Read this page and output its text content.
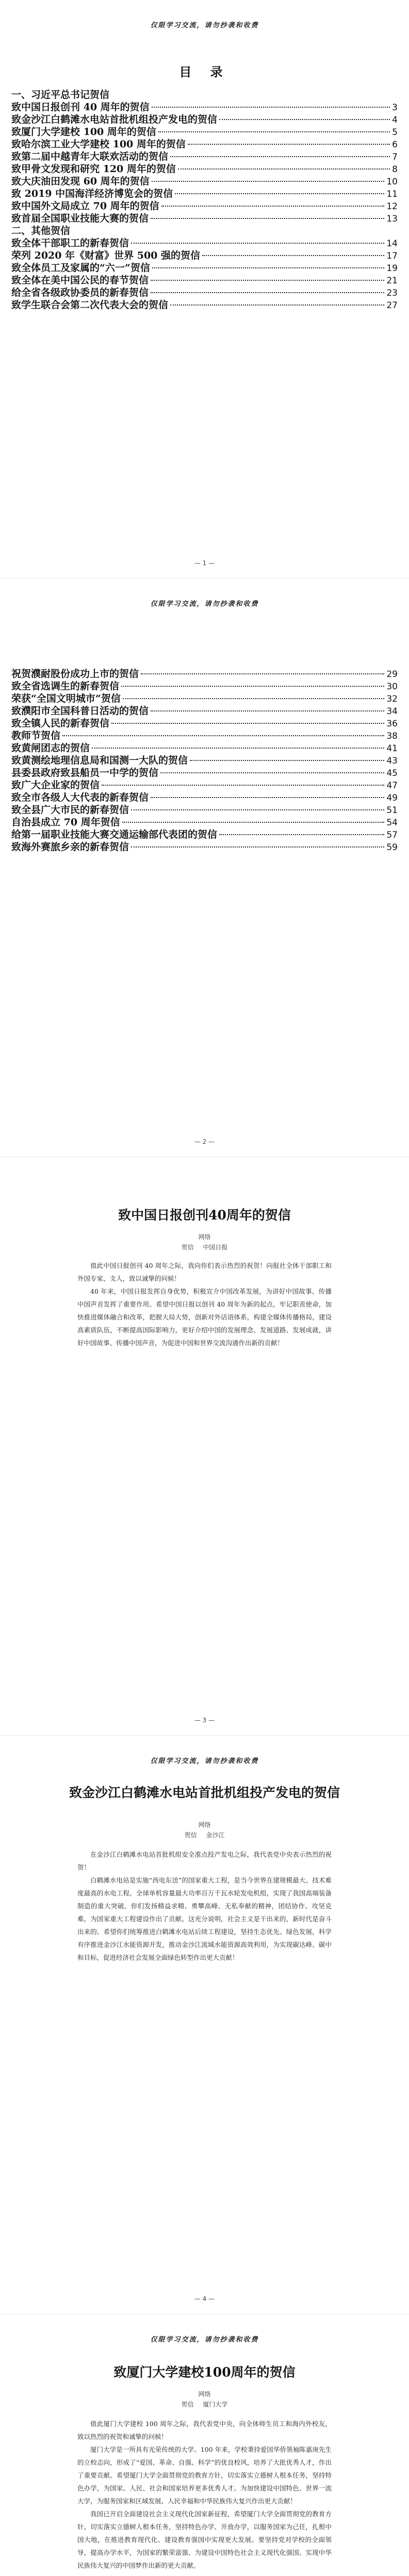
仅限学习交流，请勿抄袭和收费
目 录
一、习近平总书记贺信
致中国日报创刊 40 周年的贺信	3
致金沙江白鹤滩水电站首批机组投产发电的贺信	4
致厦门大学建校 100 周年的贺信	5
致哈尔滨工业大学建校 100 周年的贺信	6
致第二届中越青年大联欢活动的贺信	7
致甲骨文发现和研究 120 周年的贺信	8
致大庆油田发现 60 周年的贺信	10
致 2019 中国海洋经济博览会的贺信	11
致中国外文局成立 70 周年的贺信	12
致首届全国职业技能大赛的贺信	13
二、其他贺信
致全体干部职工的新春贺信	14
荣列 2020 年《财富》世界 500 强的贺信	17
致全体员工及家属的“六一”贺信	19
致全体在美中国公民的春节贺信	21
给全省各级政协委员的新春贺信	23
致学生联合会第二次代表大会的贺信	27
— 1 —
仅限学习交流，请勿抄袭和收费
祝贺濮耐股份成功上市的贺信	29
致全省选调生的新春贺信	30
荣获“全国文明城市”贺信	32
致濮阳市全国科普日活动的贺信	34
致全镇人民的新春贺信	36
教师节贺信	38
致黄闸团志的贺信	41
致黄测绘地理信息局和国测一大队的贺信	43
县委县政府致县船员一中学的贺信	45
致广大企业家的贺信	47
致全市各级人大代表的新春贺信	49
致全县广大市民的新春贺信	51
自治县成立 70 周年贺信	54
给第一届职业技能大赛交通运输部代表团的贺信	57
致海外赛旅乡亲的新春贺信	59
— 2 —
致中国日报创刊40周年的贺信
网络
贺信 中国日报

值此中国日报创刊 40 周年之际，我向你们表示热烈的祝贺！向报社全体干部职工和外国专家、支人，致以诚挚的问候！

40 年来，中国日报发挥自身优势，积极宣介中国改革发展，为讲好中国故事、传播中国声音发挥了重要作用。希望中国日报以创刊 40 周年为新的起点，牢记职责使命，加快推进媒体融合和改革，把握大局大势，创新对外话语体系，构建全媒体传播格局，建设高素质队伍，不断提高国际影响力，更好介绍中国的发展理念、发展道路、发展成就，讲好中国故事、传播中国声音，为促进中国和世界交流沟通作出新的贡献！

— 3 —
仅限学习交流，请勿抄袭和收费
致金沙江白鹤滩水电站首批机组投产发电的贺信
网络
贺信 金沙江

在金沙江白鹤滩水电站首批机组安全准点投产发电之际，我代表党中央表示热烈的祝贺！

白鹤滩水电站是实施“西电东送”的国家重大工程，是当今世界在建规模最大、技术难度最高的水电工程。全球单机容量最大功率百万千瓦水轮发电机组，实现了我国高端装备制造的重大突破。你们发扬精益求精、勇攀高峰、无私奉献的精神，团结协作、攻坚克难，为国家重大工程建设作出了贡献。这充分说明，社会主义是干出来的，新时代是奋斗出来的。希望你们统筹推进白鹤滩水电站后续工程建设，坚持生态优先、绿色发展，科学有序推进金沙江水能资源开发，推动金沙江流域水能资源高效利用，为实现碳达峰、碳中和目标，促进经济社会发展全面绿色转型作出更大贡献！

— 4 —
仅限学习交流，请勿抄袭和收费
致厦门大学建校100周年的贺信
网络
贺信 厦门大学

值此厦门大学建校 100 周年之际，我代表党中央，向全体师生员工和海内外校友，致以热烈的祝贺和诚挚的问候！

厦门大学是一所具有光荣传统的大学。100 年来，学校秉持爱国华侨领袖陈嘉庚先生的立校志向，形成了“爱国、革命、自强、科学”的优良校风，培养了大批优秀人才，作出了重要贡献。希望厦门大学全面贯彻党的教育方针，切实落实立德树人根本任务，坚持特色办学，为国家、人民、社会和国家培养更多优秀人才。为加快建设中国特色、世界一流大学，为服务国家和区域发展、人民幸福和中华民族伟大复兴作出更大贡献！

我国已开启全面建设社会主义现代化国家新征程，希望厦门大学全面贯彻党的教育方针，切实落实立德树人根本任务，坚持特色办学、开放办学，以服务国家为己任，扎根中国大地，在推进教育现代化、建设教育强国中实现更大发展。要坚持党对学校的全面领导，提高办学水平，为国家的繁荣富强、为建设中国特色社会主义现代化强国、实现中华民族伟大复兴的中国梦作出新的更大贡献。
